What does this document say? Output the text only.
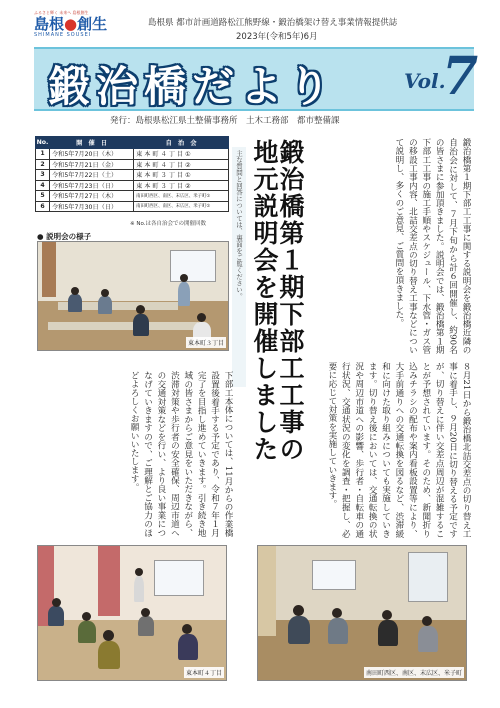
ふるさと輝く 未来へ 島根創生
島根●創生
SHIMANE SOUSEI
島根県 都市計画道路松江熊野線・鍛治橋架け替え事業情報提供誌
2023年(令和5年)6月
鍛治橋だより	Vol.
7
発行：島根県松江県土整備事務所　土木工務部　都市整備課
No.	開　催　日	自　治　会
1	令和5年7月20日（木）	東 本 町 ４ 丁 目 ①
2	令和5年7月21日（金）	東 本 町 ４ 丁 目 ②
3	令和5年7月22日（土）	東 本 町 ３ 丁 目 ①
4	令和5年7月23日（日）	東 本 町 ３ 丁 目 ②
5	令和5年7月27日（木）	南田町西区、南区、末広区、米子町①
6	令和5年7月30日（日）	南田町西区、南区、末広区、米子町②
※ No.は各自治会での開催回数
● 説明会の様子
東本町３丁目
主な質問と回答については、裏面をご覧ください。 鍛治橋第１期下部工工事の
地元説明会を開催しました	鍛治橋第１期下部工工事に関する説明会を鍛治橋近隣の自治会に対して、７月下旬から計６回開催し、約90名の皆さまに参加頂きました。説明会では、鍛治橋第１期下部工工事の施工手順やスケジュール、下水管・ガス管の移設工事内容、北詰交差点の切り替え工事などについて説明し、多くのご意見、ご質問を頂きました。
８月21日から鍛治橋北詰交差点の切り替え工事に着手し、９月20日に切り替える予定ですが、切り替えに伴い交差点周辺が混雑することが予想されています。そのため、新聞折り込みチラシの配布や案内看板設置等により、大手前通りへの交通転換を図るなど、渋滞緩和に向けた取り組みについても実施していきます。切り替え後においては、交通転換の状況や周辺市道への影響、歩行者・自転車の通行状況、交通状況の変化を調査・把握し、必要に応じて対策を実施していきます。
下部工本体については、11月からの作業橋設置後着手する予定であり、令和７年１月完了を目指し進めていきます。引き続き地域の皆さまからご意見をいただきながら、渋滞対策や歩行者の安全確保、周辺市道への交通対策などを行い、より良い事業につなげていきますので、ご理解とご協力のほどよろしくお願いいたします。
東本町４丁目	南田町西区、南区、末広区、米子町
